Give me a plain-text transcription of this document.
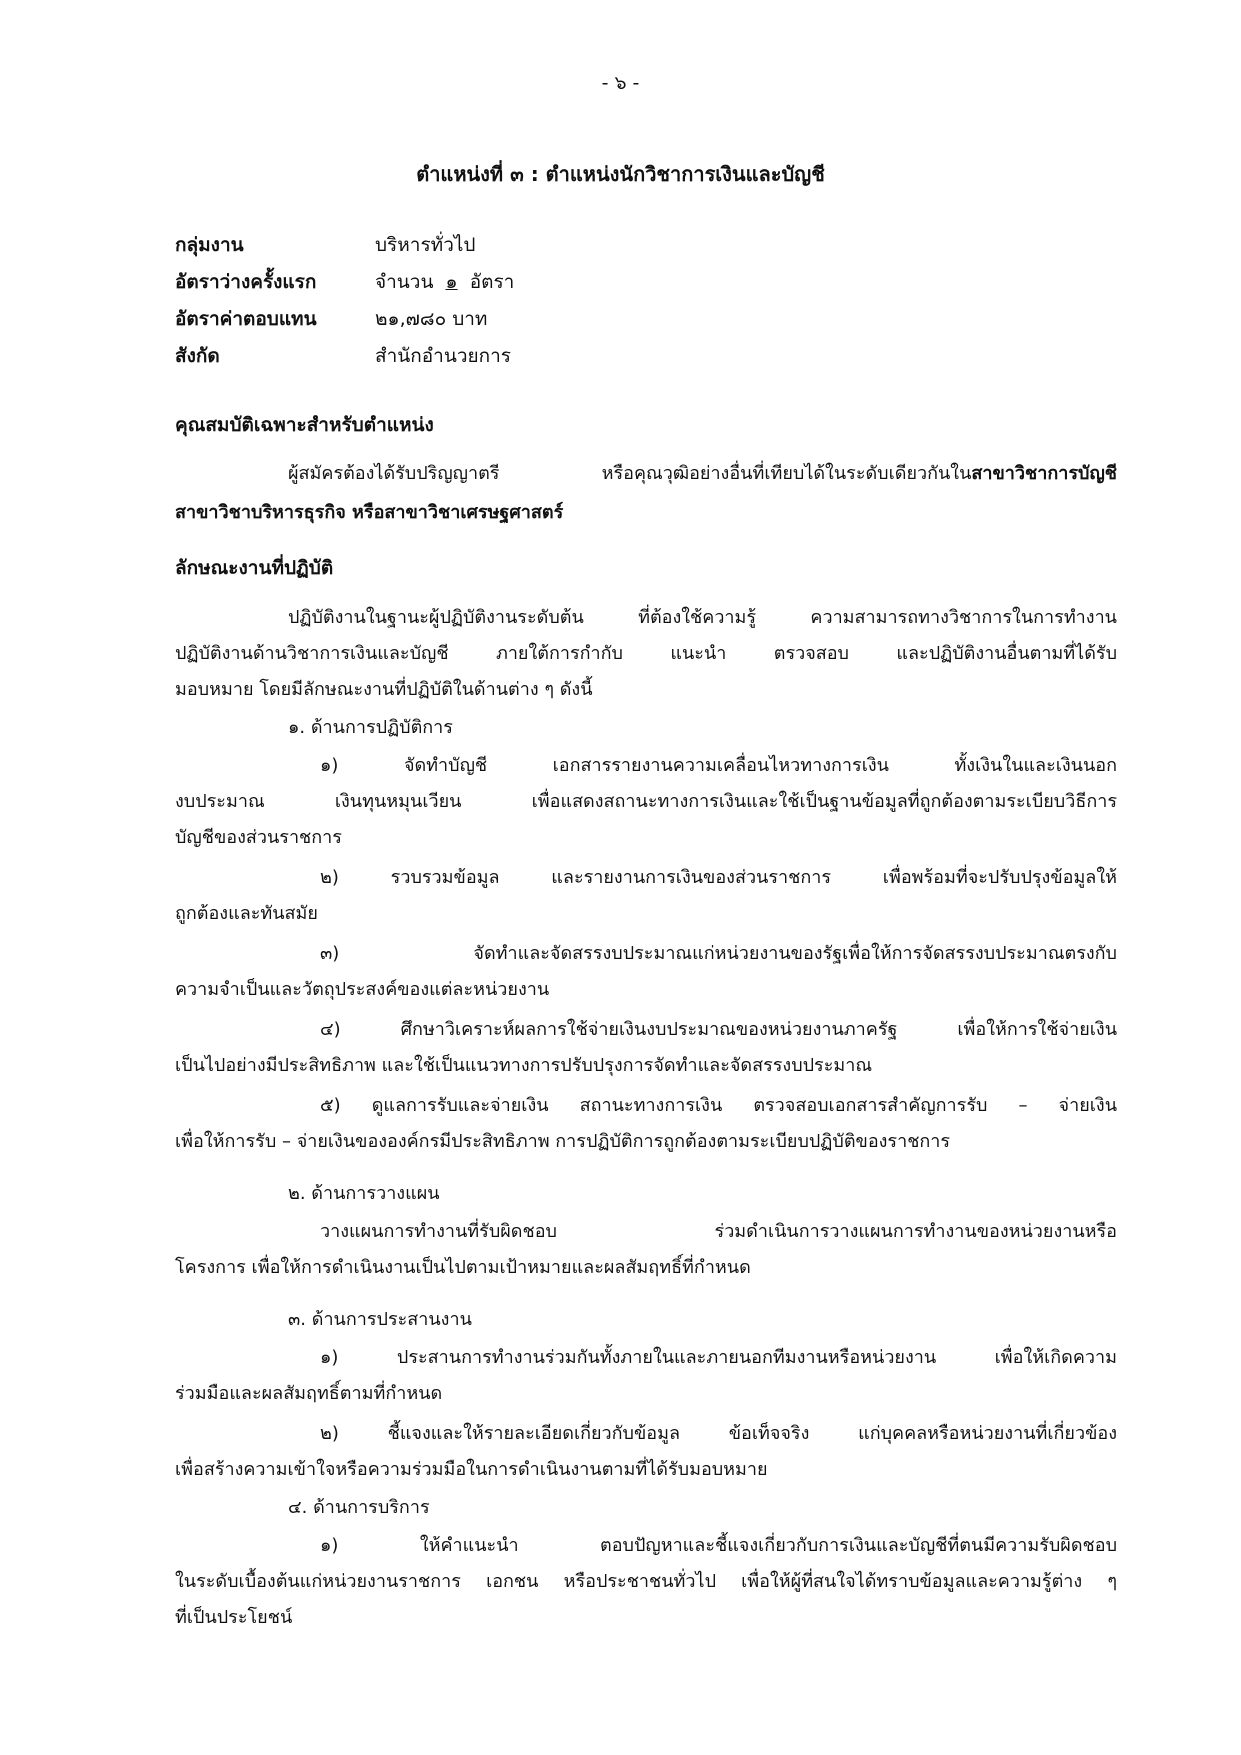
- ๖ -
ตำแหน่งที่ ๓ : ตำแหน่งนักวิชาการเงินและบัญชี
กลุ่มงาน	บริหารทั่วไป
อัตราว่างครั้งแรก	จำนวน ๑ อัตรา
อัตราค่าตอบแทน	๒๑,๗๘๐ บาท
สังกัด	สำนักอำนวยการ
คุณสมบัติเฉพาะสำหรับตำแหน่ง
ผู้สมัครต้องได้รับปริญญาตรี หรือคุณวุฒิอย่างอื่นที่เทียบได้ในระดับเดียวกันในสาขาวิชาการบัญชี
สาขาวิชาบริหารธุรกิจ หรือสาขาวิชาเศรษฐศาสตร์
ลักษณะงานที่ปฏิบัติ
ปฏิบัติงานในฐานะผู้ปฏิบัติงานระดับต้น ที่ต้องใช้ความรู้ ความสามารถทางวิชาการในการทำงาน
ปฏิบัติงานด้านวิชาการเงินและบัญชี ภายใต้การกำกับ แนะนำ ตรวจสอบ และปฏิบัติงานอื่นตามที่ได้รับ
มอบหมาย โดยมีลักษณะงานที่ปฏิบัติในด้านต่าง ๆ ดังนี้
๑. ด้านการปฏิบัติการ
๑) จัดทำบัญชี เอกสารรายงานความเคลื่อนไหวทางการเงิน ทั้งเงินในและเงินนอก
งบประมาณ เงินทุนหมุนเวียน เพื่อแสดงสถานะทางการเงินและใช้เป็นฐานข้อมูลที่ถูกต้องตามระเบียบวิธีการ
บัญชีของส่วนราชการ
๒) รวบรวมข้อมูล และรายงานการเงินของส่วนราชการ เพื่อพร้อมที่จะปรับปรุงข้อมูลให้
ถูกต้องและทันสมัย
๓) จัดทำและจัดสรรงบประมาณแก่หน่วยงานของรัฐเพื่อให้การจัดสรรงบประมาณตรงกับ
ความจำเป็นและวัตถุประสงค์ของแต่ละหน่วยงาน
๔) ศึกษาวิเคราะห์ผลการใช้จ่ายเงินงบประมาณของหน่วยงานภาครัฐ เพื่อให้การใช้จ่ายเงิน
เป็นไปอย่างมีประสิทธิภาพ และใช้เป็นแนวทางการปรับปรุงการจัดทำและจัดสรรงบประมาณ
๕) ดูแลการรับและจ่ายเงิน สถานะทางการเงิน ตรวจสอบเอกสารสำคัญการรับ – จ่ายเงิน
เพื่อให้การรับ – จ่ายเงินขององค์กรมีประสิทธิภาพ การปฏิบัติการถูกต้องตามระเบียบปฏิบัติของราชการ
๒. ด้านการวางแผน
วางแผนการทำงานที่รับผิดชอบ ร่วมดำเนินการวางแผนการทำงานของหน่วยงานหรือ
โครงการ เพื่อให้การดำเนินงานเป็นไปตามเป้าหมายและผลสัมฤทธิ์ที่กำหนด
๓. ด้านการประสานงาน
๑) ประสานการทำงานร่วมกันทั้งภายในและภายนอกทีมงานหรือหน่วยงาน เพื่อให้เกิดความ
ร่วมมือและผลสัมฤทธิ์ตามที่กำหนด
๒) ชี้แจงและให้รายละเอียดเกี่ยวกับข้อมูล ข้อเท็จจริง แก่บุคคลหรือหน่วยงานที่เกี่ยวข้อง
เพื่อสร้างความเข้าใจหรือความร่วมมือในการดำเนินงานตามที่ได้รับมอบหมาย
๔. ด้านการบริการ
๑) ให้คำแนะนำ ตอบปัญหาและชี้แจงเกี่ยวกับการเงินและบัญชีที่ตนมีความรับผิดชอบ
ในระดับเบื้องต้นแก่หน่วยงานราชการ เอกชน หรือประชาชนทั่วไป เพื่อให้ผู้ที่สนใจได้ทราบข้อมูลและความรู้ต่าง ๆ
ที่เป็นประโยชน์
